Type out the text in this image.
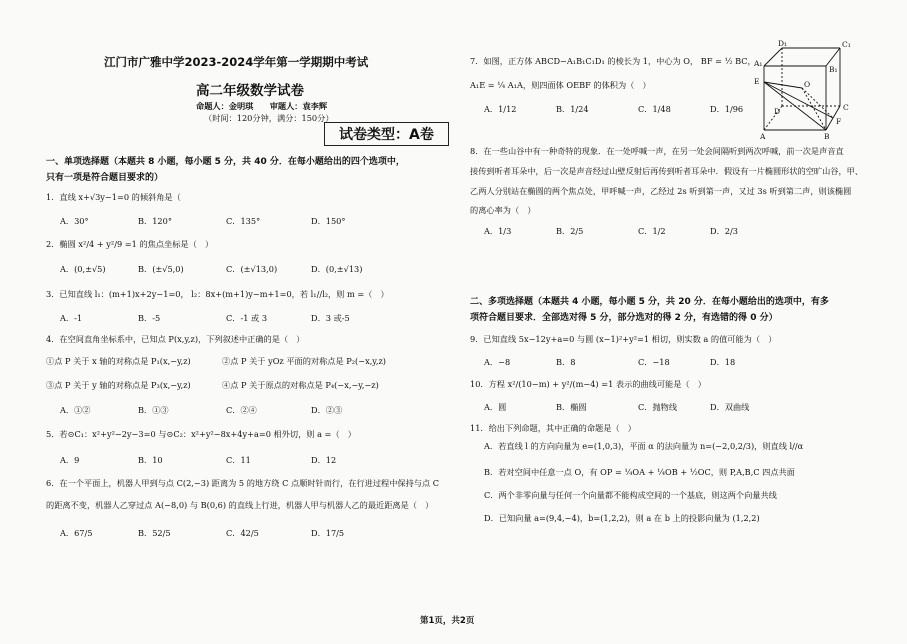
江门市广雅中学2023-2024学年第一学期期中考试
高二年级数学试卷
命题人：金明琪　　审题人：袁李辉
（时间：120分钟，满分：150分）
试卷类型：A卷
一、单项选择题（本题共 8 小题，每小题 5 分，共 40 分．在每小题给出的四个选项中，
只有一项是符合题目要求的）
1．直线 x+√3y−1=0 的倾斜角是（
A．30°	B．120°	C．135°	D．150°
2．椭圆 x²/4 + y²/9 =1 的焦点坐标是（　）
A．(0,±√5)	B．(±√5,0)	C．(±√13,0)	D．(0,±√13)
3．已知直线 l₁：(m+1)x+2y−1=0， l₂：8x+(m+1)y−m+1=0，若 l₁//l₂，则 m =（　）
A．-1	B．-5	C．-1 或 3	D．3 或-5
4．在空间直角坐标系中，已知点 P(x,y,z)，下列叙述中正确的是（　）
①点 P 关于 x 轴的对称点是 P₁(x,−y,z)	②点 P 关于 yOz 平面的对称点是 P₂(−x,y,z)
③点 P 关于 y 轴的对称点是 P₃(x,−y,z)	④点 P 关于原点的对称点是 P₄(−x,−y,−z)
A．①②	B．①③	C．②④	D．②③
5．若⊙C₁：x²+y²−2y−3=0 与⊙C₂：x²+y²−8x+4y+a=0 相外切，则 a =（　）
A．9	B．10	C．11	D．12
6．在一个平面上，机器人甲到与点 C(2,−3) 距离为 5 的地方绕 C 点顺时针而行，在行进过程中保持与点 C
的距离不变，机器人乙穿过点 A(−8,0) 与 B(0,6) 的直线上行进，机器人甲与机器人乙的最近距离是（　）
A．67/5	B．52/5	C．42/5	D．17/5
7．如图，正方体 ABCD−A₁B₁C₁D₁ 的棱长为 1，中心为 O， BF = ½ BC，
A₁E = ¼ A₁A，则四面体 OEBF 的体积为（　）
A．1/12	B．1/24	C．1/48	D．1/96
D₁	C₁
A₁
B₁
E	O
D	C
A	B
F
8．在一些山谷中有一种奇特的现象．在一处呼喊一声，在另一处会间隔听到两次呼喊，前一次是声音直
接传到听者耳朵中，后一次是声音经过山壁反射后再传到听者耳朵中．假设有一片椭圆形状的空旷山谷，甲、
乙两人分别站在椭圆的两个焦点处，甲呼喊一声，乙经过 2s 听到第一声，又过 3s 听到第二声，则该椭圆
的离心率为（　）
A．1/3	B．2/5	C．1/2	D．2/3
二、多项选择题（本题共 4 小题，每小题 5 分，共 20 分．在每小题给出的选项中，有多
项符合题目要求．全部选对得 5 分，部分选对的得 2 分，有选错的得 0 分）
9．已知直线 5x−12y+a=0 与圆 (x−1)²+y²=1 相切，则实数 a 的值可能为（　）
A．−8	B．8	C．−18	D．18
10．方程 x²/(10−m) + y²/(m−4) =1 表示的曲线可能是（　）
A．圆	B．椭圆	C．抛物线	D．双曲线
11．给出下列命题，其中正确的命题是（　）
A．若直线 l 的方向向量为 e=(1,0,3)，平面 α 的法向量为 n=(−2,0,2/3)，则直线 l//α
B．若对空间中任意一点 O，有 OP = ¼OA + ¼OB + ½OC，则 P,A,B,C 四点共面
C．两个非零向量与任何一个向量都不能构成空间的一个基底，则这两个向量共线
D．已知向量 a=(9,4,−4)，b=(1,2,2)，则 a 在 b 上的投影向量为 (1,2,2)
第1页，共2页
